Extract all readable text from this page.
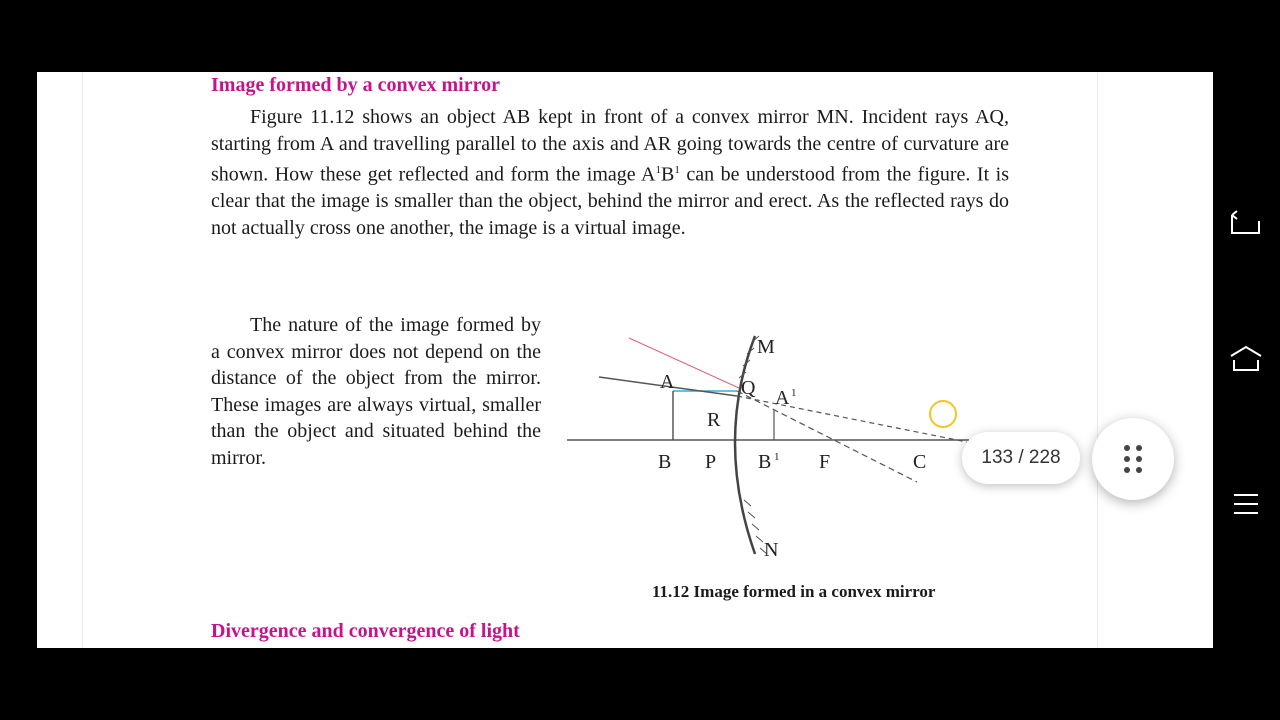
Image formed by a convex mirror

Figure 11.12 shows an object AB kept in front of a convex mirror MN. Incident rays AQ, starting from A and travelling parallel to the axis and AR going towards the centre of curvature are shown. How these get reflected and form the image $A^1B^1$ can be understood from the figure. It is clear that the image is smaller than the object, behind the mirror and erect. As the reflected rays do not actually cross one another, the image is a virtual image.

The nature of the image formed by a convex mirror does not depend on the distance of the object from the mirror. These images are always virtual, smaller than the object and situated behind the mirror.

11.12 Image formed in a convex mirror
Divergence and convergence of light
M
N
A	Q
R
A 1
B P B 1 F	C	133 / 228
